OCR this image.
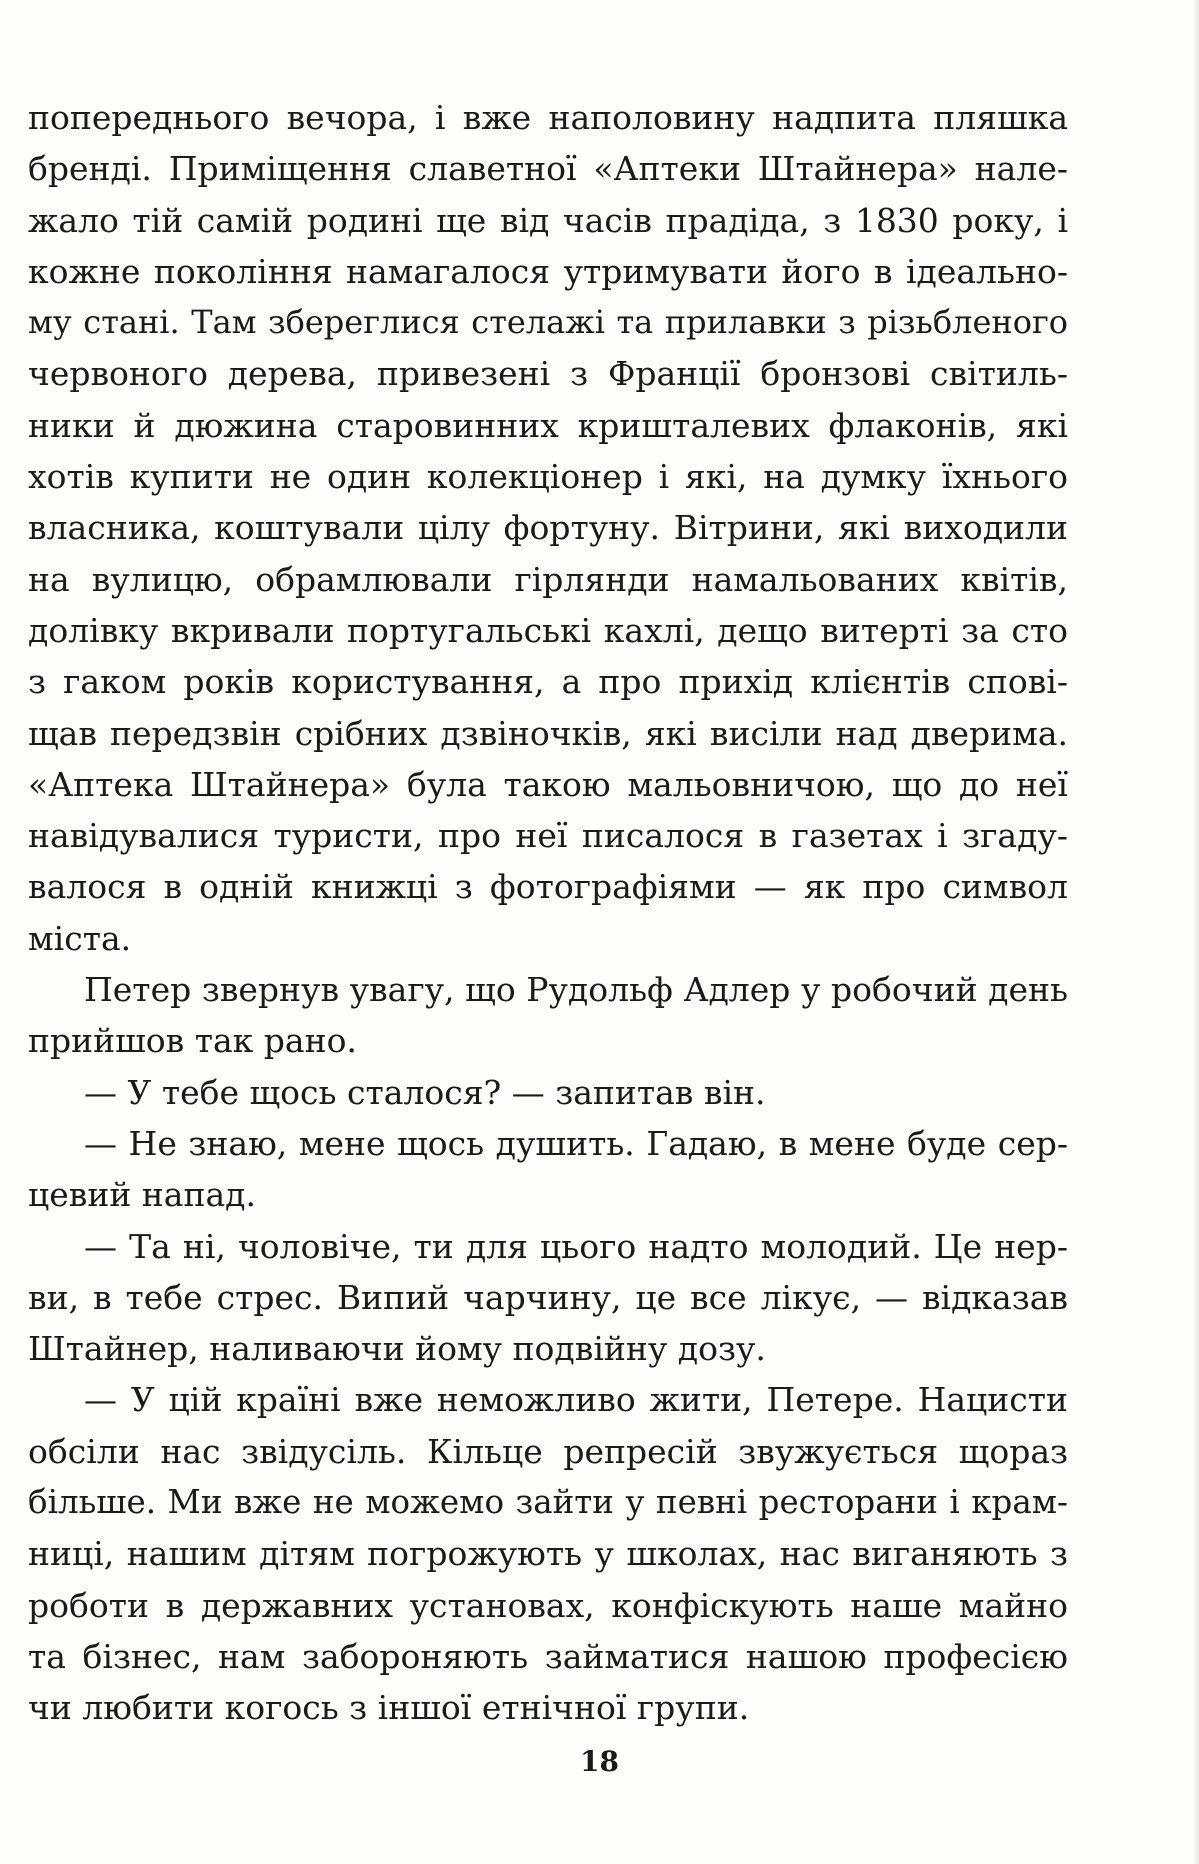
попереднього вечора, і вже наполовину надпита пляшка
бренді. Приміщення славетної «Аптеки Штайнера» нале-
жало тій самій родині ще від часів прадіда, з 1830 року, і
кожне покоління намагалося утримувати його в ідеально-
му стані. Там збереглися стелажі та прилавки з різьбленого
червоного дерева, привезені з Франції бронзові світиль-
ники й дюжина старовинних кришталевих флаконів, які
хотів купити не один колекціонер і які, на думку їхнього
власника, коштували цілу фортуну. Вітрини, які виходили
на вулицю, обрамлювали гірлянди намальованих квітів,
долівку вкривали португальські кахлі, дещо витерті за сто
з гаком років користування, а про прихід клієнтів спові-
щав передзвін срібних дзвіночків, які висіли над дверима.
«Аптека Штайнера» була такою мальовничою, що до неї
навідувалися туристи, про неї писалося в газетах і згаду-
валося в одній книжці з фотографіями — як про символ
міста.
Петер звернув увагу, що Рудольф Адлер у робочий день
прийшов так рано.
— У тебе щось сталося? — запитав він.
— Не знаю, мене щось душить. Гадаю, в мене буде сер-
цевий напад.
— Та ні, чоловіче, ти для цього надто молодий. Це нер-
ви, в тебе стрес. Випий чарчину, це все лікує, — відказав
Штайнер, наливаючи йому подвійну дозу.
— У цій країні вже неможливо жити, Петере. Нацисти
обсіли нас звідусіль. Кільце репресій звужується щораз
більше. Ми вже не можемо зайти у певні ресторани і крам-
ниці, нашим дітям погрожують у школах, нас виганяють з
роботи в державних установах, конфіскують наше майно
та бізнес, нам забороняють займатися нашою професією
чи любити когось з іншої етнічної групи.
18
